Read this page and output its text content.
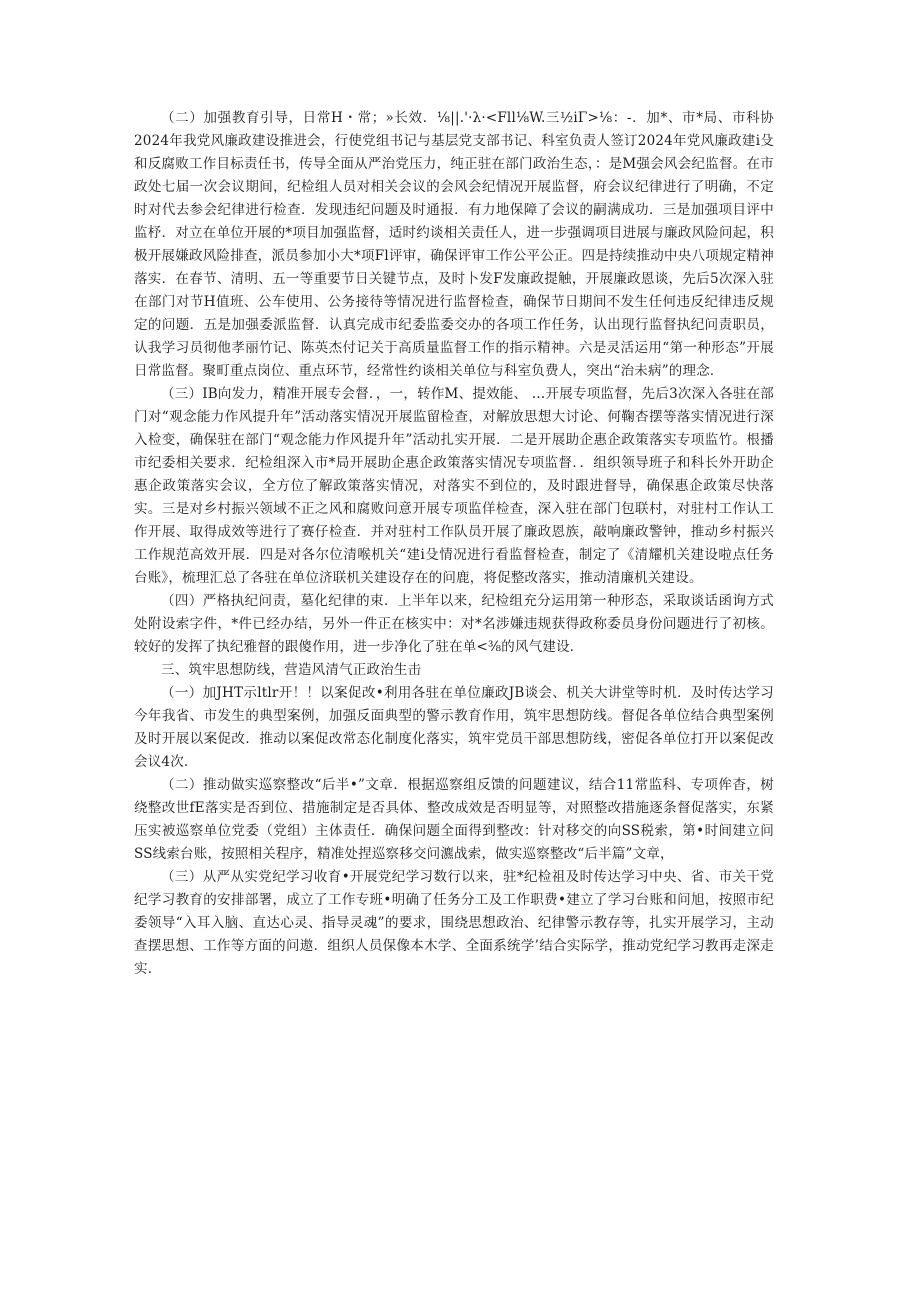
（二）加强教育引导，日常H・常；»长效．⅛||.'·λ·<Fll⅛W.三½iΓ>⅛：-．加*、市*局、市科协2024年我党风廉政建设推进会，行使党组书记与基层党支部书记、科室负责人签订2024年党风廉政建i殳和反腐败工作目标责任书，传导全面从严治党压力，纯正驻在部门政治生态，：是M强会风会纪监督。在市政处七届一次会议期间，纪检组人员对相关会议的会风会纪情况开展监督，府会议纪律进行了明确，不定时对代去参会纪律进行检查．发现违纪问题及时通报．有力地保障了会议的嗣满成功．三是加强项目评中监杼．对立在单位开展的*项目加强监督，适时约谈相关责任人，进一步强调项目进展与廉政风险问起，积极开展嫌政风险排查，派员参加小大*项Fl评审，确保评审工作公平公正。四是持续推动中央八项规定精神落实．在春节、清明、五一等重要节日关键节点，及时卜发F发廉政提触，开展廉政恩谈，先后5次深入驻在部门对节H值班、公车使用、公务接待等情况进行监督检查，确保节日期间不发生任何违反纪律违反规定的问题．五是加强委派监督．认真完成市纪委监委交办的各项工作任务，认出现行监督执纪问责职员，认我学习员彻他孝丽竹记、陈英杰付记关于高质量监督工作的指示精神。六是灵活运用“第一种形态”开展日常监督。聚町重点岗位、重点环节，经常性约谈相关单位与科室负费人，突出“治未病”的理念．

（三）IB向发力，精准开展专会督．，一，转作M、提效能、 …开展专项监督，先后3次深入各驻在部门对“观念能力作风提升年”活动落实情况开展监留检查，对解放思想大讨论、何鞠杏摆等落实情况进行深入检变，确保驻在部门“观念能力作风提升年”活动扎实开展．二是开展助企惠企政策落实专项监竹。根播市纪委相关要求．纪检组深入市*局开展助企惠企政策落实情况专项监督．．组织领导班子和科长外开助企惠企政策落实会议，全方位了解政策落实情况，对落实不到位的，及时跟进督导，确保惠企政策尽快落实。三是对乡村振兴领域不正之风和腐败问意开展专项监佯检查，深入驻在部门包联村，对驻村工作认工作开展、取得成效等进行了赛仔检查．并对驻村工作队员开展了廉政恩族，敲响廉政警钟，推动乡村振兴工作规范高效开展．四是对各尔位清喉机关“建i殳情况进行看监督检查，制定了《清耀机关建设啦点任务台账》，梳理汇总了各驻在单位济联机关建设存在的问鹿，将促整改落实，推动清廉机关建设。

（四）严格执纪问责，墓化纪律的束．上半年以来，纪检组充分运用第一种形态，采取谈话函询方式处附设索字件，*件已经办结，另外一件正在核实中：对*名涉嫌违规获得政称委员身份问题进行了初核。较好的发挥了执纪雅督的跟傻作用，进一步净化了驻在单<⅜的风气建设．

三、筑牢思想防线，营造风清气正政治生击

（一）加JHT示ltlr开！！以案促改•利用各驻在单位廉政JB谈会、机关大讲堂等时机．及时传达学习今年我省、市发生的典型案例，加强反面典型的警示教育作用，筑牢思想防线。督促各单位结合典型案例及时开展以案促改．推动以案促改常态化制度化落实，筑牢党员干部思想防线，密促各单位打开以案促改会议4次．

（二）推动做实巡察整改“后半•”文章．根据巡察组反馈的问题建议，结合11常监科、专项侔杳，树绕整改世fE落实是否到位、措施制定是否具体、整改成效是否明显等，对照整改措施逐条督促落实，东紧压实被巡察单位党委（党组）主体责任．确保问题全面得到整改：针对移交的向SS税索，第•时间建立问SS线索台账，按照相关程序，精准处捏巡察移交问瀌战索，做实巡察整改“后半篇”文章，

（三）从严从实党纪学习收育•开展党纪学习数行以来，驻*纪检祖及时传达学习中央、省、市关干党纪学习教育的安排部署，成立了工作专班•明确了任务分工及工作职费•建立了学习台账和问旭，按照市纪委领导“入耳入脑、直达心灵、指导灵魂”的要求，围绕思想政治、纪律警示教存等，扎实开展学习，主动查摆思想、工作等方面的问遨．组织人员保像本木学、全面系统学’结合实际学，推动党纪学习教再走深走实．
